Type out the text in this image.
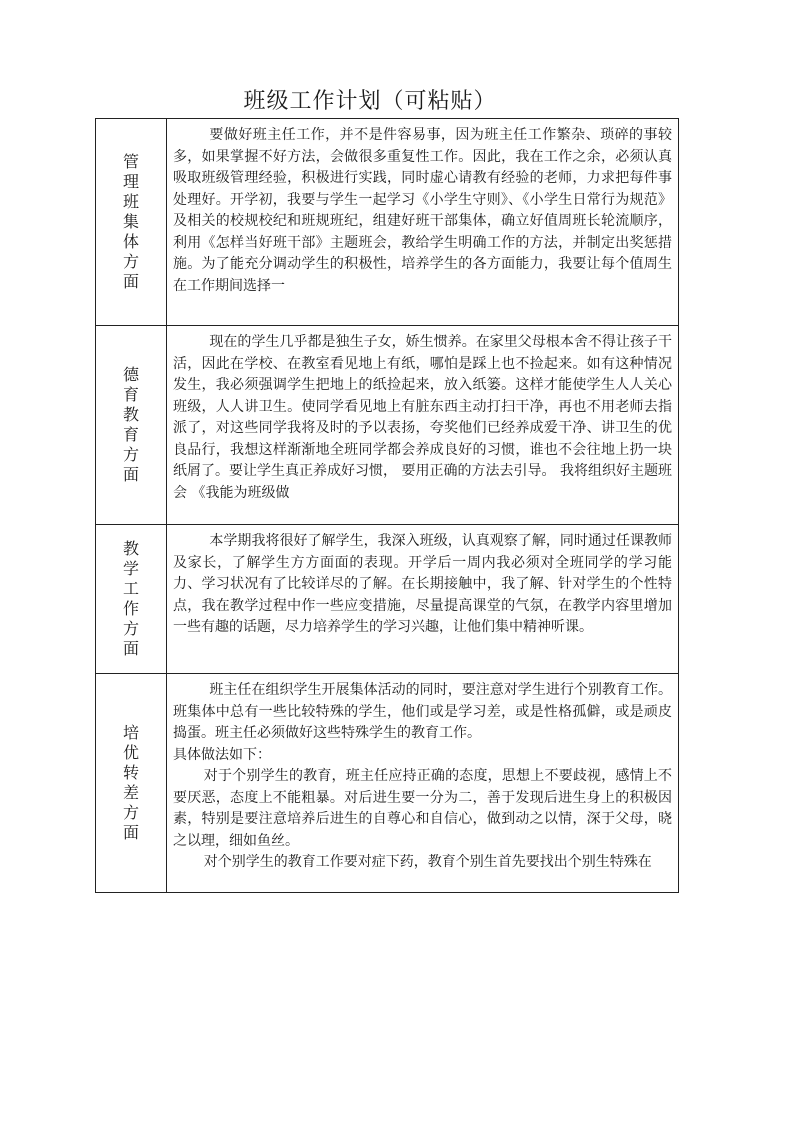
班级工作计划（可粘贴）
管理班集体方面	要做好班主任工作，并不是件容易事，因为班主任工作繁杂、琐碎的事较多，如果掌握不好方法，会做很多重复性工作。因此，我在工作之余，必须认真吸取班级管理经验，积极进行实践，同时虚心请教有经验的老师，力求把每件事处理好。开学初，我要与学生一起学习《小学生守则》、《小学生日常行为规范》及相关的校规校纪和班规班纪，组建好班干部集体，确立好值周班长轮流顺序，利用《怎样当好班干部》主题班会，教给学生明确工作的方法，并制定出奖惩措施。为了能充分调动学生的积极性，培养学生的各方面能力，我要让每个值周生在工作期间选择一

德育教育方面	现在的学生几乎都是独生子女，娇生惯养。在家里父母根本舍不得让孩子干活，因此在学校、在教室看见地上有纸，哪怕是踩上也不捡起来。如有这种情况发生，我必须强调学生把地上的纸捡起来，放入纸篓。这样才能使学生人人关心班级，人人讲卫生。使同学看见地上有脏东西主动打扫干净，再也不用老师去指派了，对这些同学我将及时的予以表扬，夸奖他们已经养成爱干净、讲卫生的优良品行，我想这样渐渐地全班同学都会养成良好的习惯，谁也不会往地上扔一块纸屑了。要让学生真正养成好习惯， 要用正确的方法去引导。 我将组织好主题班会 《我能为班级做

教学工作方面	本学期我将很好了解学生，我深入班级，认真观察了解，同时通过任课教师及家长，了解学生方方面面的表现。开学后一周内我必须对全班同学的学习能力、学习状况有了比较详尽的了解。在长期接触中，我了解、针对学生的个性特点，我在教学过程中作一些应变措施，尽量提高课堂的气氛，在教学内容里增加一些有趣的话题，尽力培养学生的学习兴趣，让他们集中精神听课。

培优转差方面	班主任在组织学生开展集体活动的同时，要注意对学生进行个别教育工作。班集体中总有一些比较特殊的学生，他们或是学习差，或是性格孤僻，或是顽皮捣蛋。班主任必须做好这些特殊学生的教育工作。

具体做法如下：

对于个别学生的教育，班主任应持正确的态度，思想上不要歧视，感情上不要厌恶，态度上不能粗暴。对后进生要一分为二，善于发现后进生身上的积极因素，特别是要注意培养后进生的自尊心和自信心，做到动之以情，深于父母，晓之以理，细如鱼丝。

对个别学生的教育工作要对症下药，教育个别生首先要找出个别生特殊在
